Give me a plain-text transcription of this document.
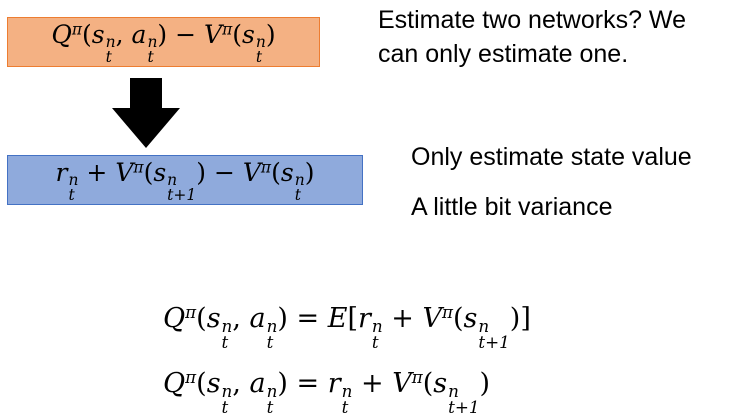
$Q^\pi(s$ n
t
, a n
t
) − $V^\pi(s$ n
t
)
r n
t
+ $V^\pi(s$ n
t+1
) − $V^\pi(s$ n
t
)
Estimate two networks? We
can only estimate one.
Only estimate state value
A little bit variance
$Q^\pi(s$ n
t
, a n
t
) = E[r n
t
+ $V^\pi(s$ n
t+1
)]
$Q^\pi(s$ n
t
, a n
t
) = r n
t
+ $V^\pi(s$ n
t+1
)
